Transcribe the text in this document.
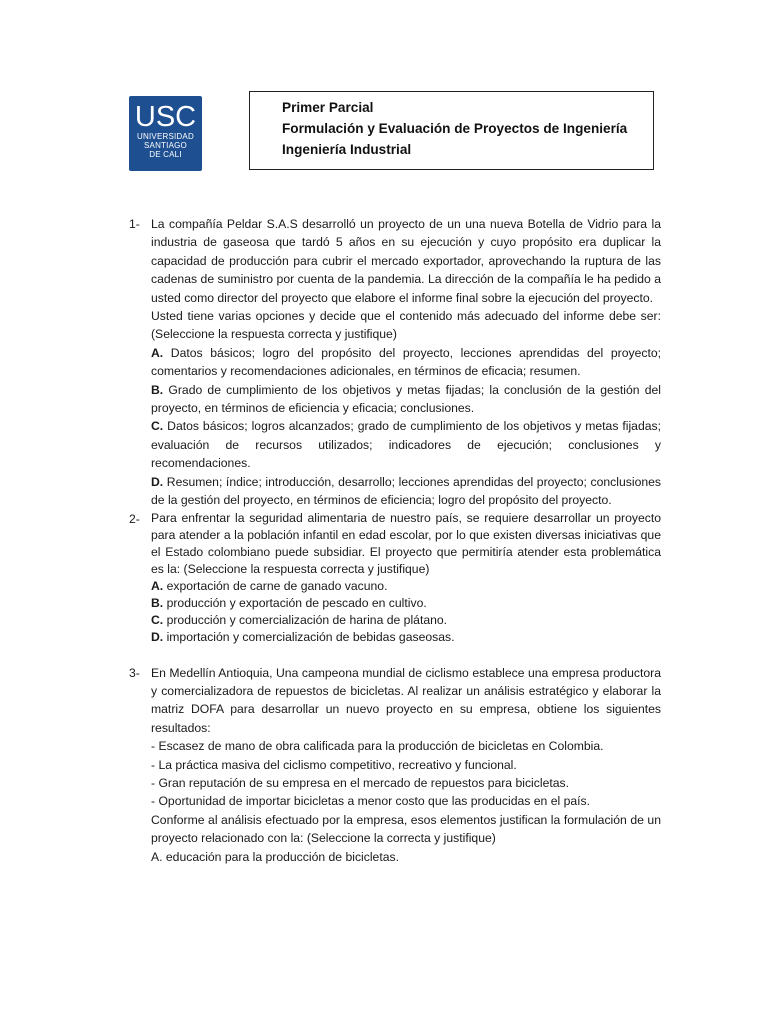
USC
UNIVERSIDAD
SANTIAGO
DE CALI
Primer Parcial
Formulación y Evaluación de Proyectos de Ingeniería
Ingeniería Industrial
1- La compañía Peldar S.A.S desarrolló un proyecto de un una nueva Botella de Vidrio para la industria de gaseosa que tardó 5 años en su ejecución y cuyo propósito era duplicar la capacidad de producción para cubrir el mercado exportador, aprovechando la ruptura de las cadenas de suministro por cuenta de la pandemia. La dirección de la compañía le ha pedido a usted como director del proyecto que elabore el informe final sobre la ejecución del proyecto.

Usted tiene varias opciones y decide que el contenido más adecuado del informe debe ser: (Seleccione la respuesta correcta y justifique)

A. Datos básicos; logro del propósito del proyecto, lecciones aprendidas del proyecto; comentarios y recomendaciones adicionales, en términos de eficacia; resumen.

B. Grado de cumplimiento de los objetivos y metas fijadas; la conclusión de la gestión del proyecto, en términos de eficiencia y eficacia; conclusiones.

C. Datos básicos; logros alcanzados; grado de cumplimiento de los objetivos y metas fijadas; evaluación de recursos utilizados; indicadores de ejecución; conclusiones y recomendaciones.

D. Resumen; índice; introducción, desarrollo; lecciones aprendidas del proyecto; conclusiones de la gestión del proyecto, en términos de eficiencia; logro del propósito del proyecto.

2- Para enfrentar la seguridad alimentaria de nuestro país, se requiere desarrollar un proyecto para atender a la población infantil en edad escolar, por lo que existen diversas iniciativas que el Estado colombiano puede subsidiar. El proyecto que permitiría atender esta problemática es la: (Seleccione la respuesta correcta y justifique)

A. exportación de carne de ganado vacuno.

B. producción y exportación de pescado en cultivo.

C. producción y comercialización de harina de plátano.

D. importación y comercialización de bebidas gaseosas.

3- En Medellín Antioquia, Una campeona mundial de ciclismo establece una empresa productora y comercializadora de repuestos de bicicletas. Al realizar un análisis estratégico y elaborar la matriz DOFA para desarrollar un nuevo proyecto en su empresa, obtiene los siguientes resultados:

- Escasez de mano de obra calificada para la producción de bicicletas en Colombia.

- La práctica masiva del ciclismo competitivo, recreativo y funcional.

- Gran reputación de su empresa en el mercado de repuestos para bicicletas.

- Oportunidad de importar bicicletas a menor costo que las producidas en el país.

Conforme al análisis efectuado por la empresa, esos elementos justifican la formulación de un proyecto relacionado con la: (Seleccione la correcta y justifique)

A. educación para la producción de bicicletas.
